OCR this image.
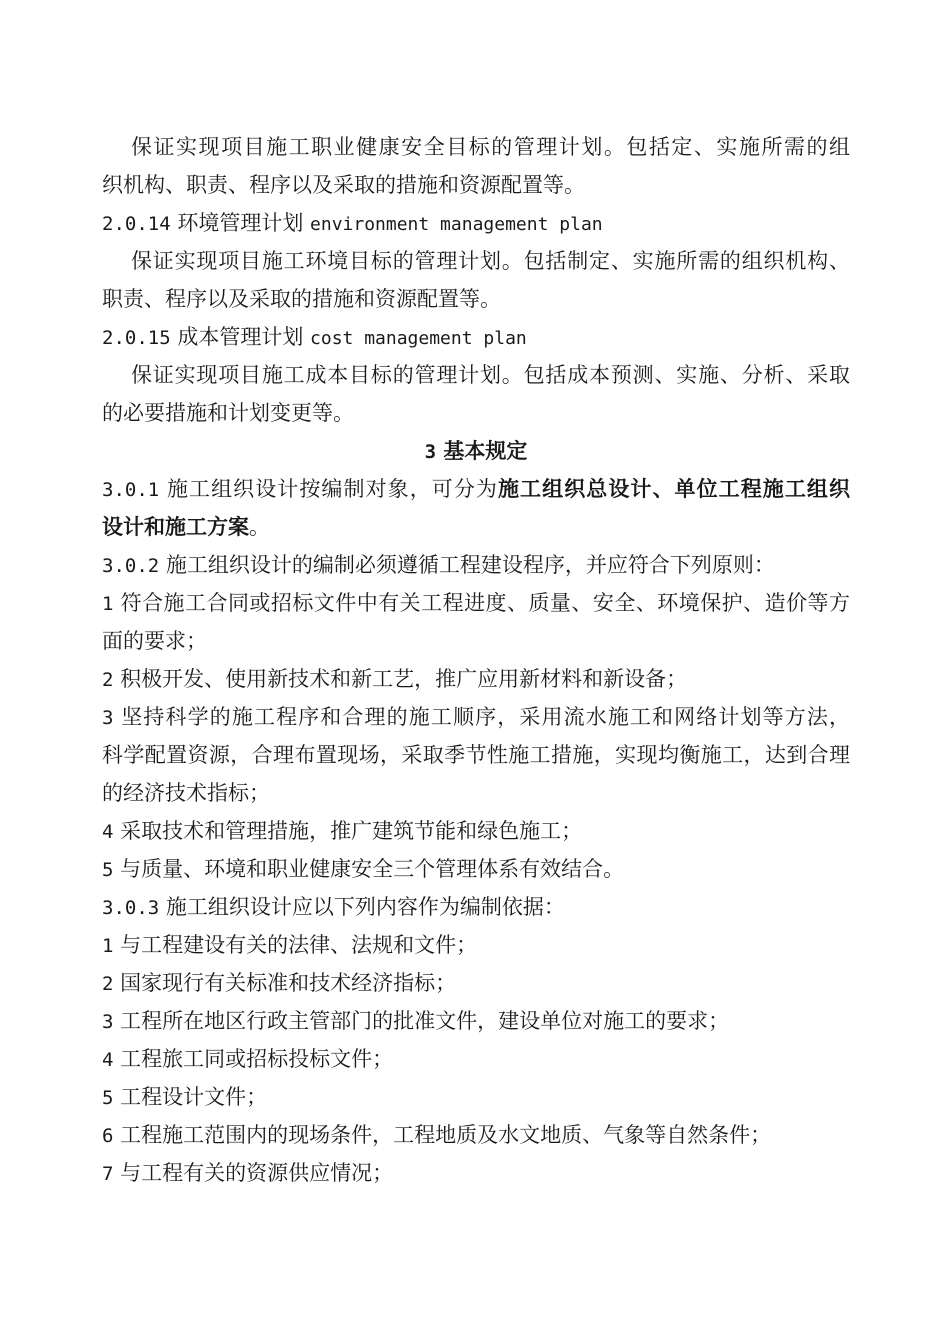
保证实现项目施工职业健康安全目标的管理计划。包括定、实施所需的组
织机构、职责、程序以及采取的措施和资源配置等。
2.0.14 环境管理计划 environment management plan
保证实现项目施工环境目标的管理计划。包括制定、实施所需的组织机构、
职责、程序以及采取的措施和资源配置等。
2.0.15 成本管理计划 cost management plan
保证实现项目施工成本目标的管理计划。包括成本预测、实施、分析、采取
的必要措施和计划变更等。
3 基本规定
3.0.1 施工组织设计按编制对象，可分为施工组织总设计、单位工程施工组织
设计和施工方案。
3.0.2 施工组织设计的编制必须遵循工程建设程序，并应符合下列原则：
1 符合施工合同或招标文件中有关工程进度、质量、安全、环境保护、造价等方
面的要求；
2 积极开发、使用新技术和新工艺，推广应用新材料和新设备；
3 坚持科学的施工程序和合理的施工顺序，采用流水施工和网络计划等方法，
科学配置资源，合理布置现场，采取季节性施工措施，实现均衡施工，达到合理
的经济技术指标；
4 采取技术和管理措施，推广建筑节能和绿色施工；
5 与质量、环境和职业健康安全三个管理体系有效结合。
3.0.3 施工组织设计应以下列内容作为编制依据：
1 与工程建设有关的法律、法规和文件；
2 国家现行有关标准和技术经济指标；
3 工程所在地区行政主管部门的批准文件，建设单位对施工的要求；
4 工程旅工同或招标投标文件；
5 工程设计文件；
6 工程施工范围内的现场条件，工程地质及水文地质、气象等自然条件；
7 与工程有关的资源供应情况；
